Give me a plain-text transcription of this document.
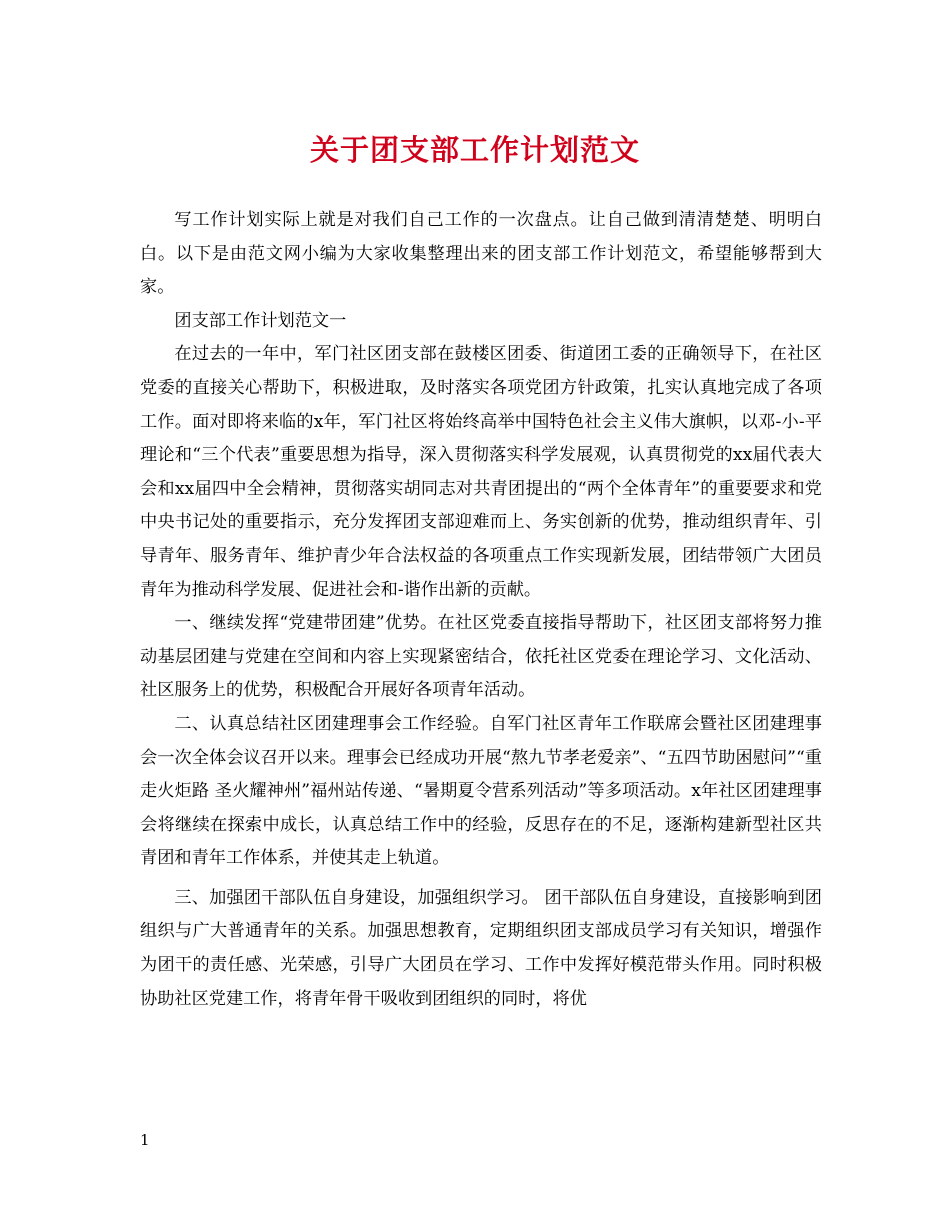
关于团支部工作计划范文

写工作计划实际上就是对我们自己工作的一次盘点。让自己做到清清楚楚、明明白白。以下是由范文网小编为大家收集整理出来的团支部工作计划范文，希望能够帮到大家。

团支部工作计划范文一

在过去的一年中，军门社区团支部在鼓楼区团委、街道团工委的正确领导下，在社区党委的直接关心帮助下，积极进取，及时落实各项党团方针政策，扎实认真地完成了各项工作。面对即将来临的x年，军门社区将始终高举中国特色社会主义伟大旗帜，以邓-小-平理论和“三个代表”重要思想为指导，深入贯彻落实科学发展观，认真贯彻党的xx届代表大会和xx届四中全会精神，贯彻落实胡同志对共青团提出的“两个全体青年”的重要要求和党中央书记处的重要指示，充分发挥团支部迎难而上、务实创新的优势，推动组织青年、引导青年、服务青年、维护青少年合法权益的各项重点工作实现新发展，团结带领广大团员青年为推动科学发展、促进社会和-谐作出新的贡献。

一、继续发挥“党建带团建”优势。在社区党委直接指导帮助下，社区团支部将努力推动基层团建与党建在空间和内容上实现紧密结合，依托社区党委在理论学习、文化活动、社区服务上的优势，积极配合开展好各项青年活动。

二、认真总结社区团建理事会工作经验。自军门社区青年工作联席会暨社区团建理事会一次全体会议召开以来。理事会已经成功开展“熬九节孝老爱亲”、“五四节助困慰问”“重走火炬路 圣火耀神州”福州站传递、“暑期夏令营系列活动”等多项活动。x年社区团建理事会将继续在探索中成长，认真总结工作中的经验，反思存在的不足，逐渐构建新型社区共青团和青年工作体系，并使其走上轨道。

三、加强团干部队伍自身建设，加强组织学习。 团干部队伍自身建设，直接影响到团组织与广大普通青年的关系。加强思想教育，定期组织团支部成员学习有关知识，增强作为团干的责任感、光荣感，引导广大团员在学习、工作中发挥好模范带头作用。同时积极协助社区党建工作，将青年骨干吸收到团组织的同时，将优

1
